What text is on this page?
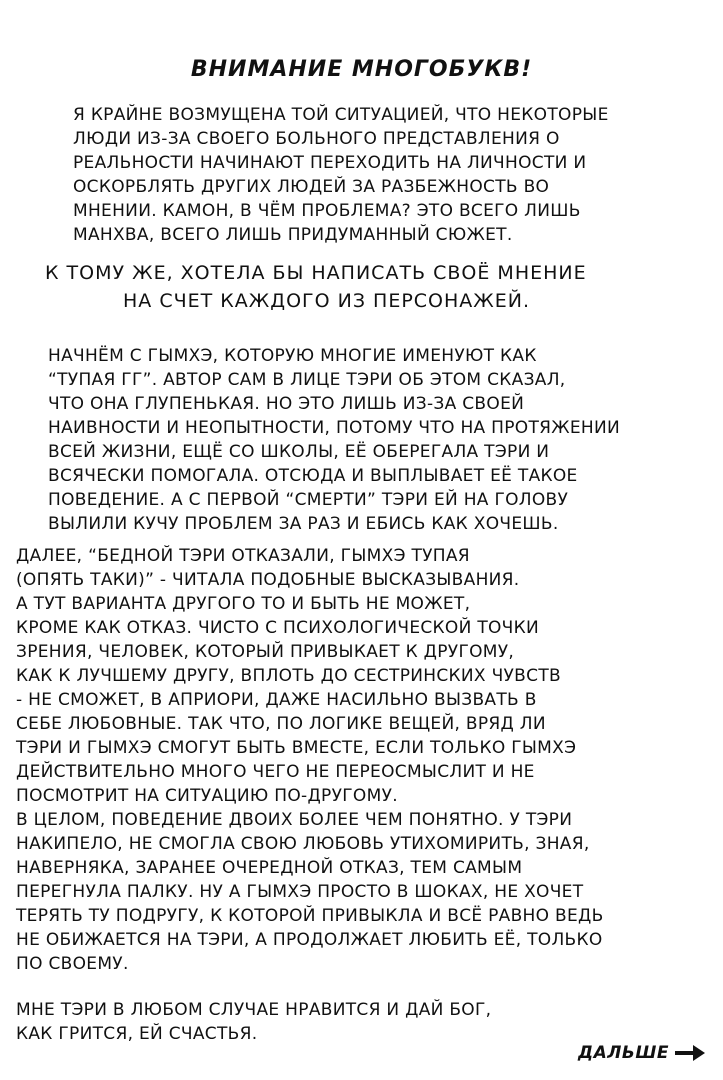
ВНИМАНИЕ МНОГОБУКВ!
Я КРАЙНЕ ВОЗМУЩЕНА ТОЙ СИТУАЦИЕЙ, ЧТО НЕКОТОРЫЕ
ЛЮДИ ИЗ-ЗА СВОЕГО БОЛЬНОГО ПРЕДСТАВЛЕНИЯ О
РЕАЛЬНОСТИ НАЧИНАЮТ ПЕРЕХОДИТЬ НА ЛИЧНОСТИ И
ОСКОРБЛЯТЬ ДРУГИХ ЛЮДЕЙ ЗА РАЗБЕЖНОСТЬ ВО
МНЕНИИ. КАМОН, В ЧЁМ ПРОБЛЕМА? ЭТО ВСЕГО ЛИШЬ
МАНХВА, ВСЕГО ЛИШЬ ПРИДУМАННЫЙ СЮЖЕТ.
К ТОМУ ЖЕ, ХОТЕЛА БЫ НАПИСАТЬ СВОЁ МНЕНИЕ
НА СЧЕТ КАЖДОГО ИЗ ПЕРСОНАЖЕЙ.
НАЧНЁМ С ГЫМХЭ, КОТОРУЮ МНОГИЕ ИМЕНУЮТ КАК
“ТУПАЯ ГГ”. АВТОР САМ В ЛИЦЕ ТЭРИ ОБ ЭТОМ СКАЗАЛ,
ЧТО ОНА ГЛУПЕНЬКАЯ. НО ЭТО ЛИШЬ ИЗ-ЗА СВОЕЙ
НАИВНОСТИ И НЕОПЫТНОСТИ, ПОТОМУ ЧТО НА ПРОТЯЖЕНИИ
ВСЕЙ ЖИЗНИ, ЕЩЁ СО ШКОЛЫ, ЕЁ ОБЕРЕГАЛА ТЭРИ И
ВСЯЧЕСКИ ПОМОГАЛА. ОТСЮДА И ВЫПЛЫВАЕТ ЕЁ ТАКОЕ
ПОВЕДЕНИЕ. А С ПЕРВОЙ “СМЕРТИ” ТЭРИ ЕЙ НА ГОЛОВУ
ВЫЛИЛИ КУЧУ ПРОБЛЕМ ЗА РАЗ И ЕБИСЬ КАК ХОЧЕШЬ.
ДАЛЕЕ, “БЕДНОЙ ТЭРИ ОТКАЗАЛИ, ГЫМХЭ ТУПАЯ
(ОПЯТЬ ТАКИ)” - ЧИТАЛА ПОДОБНЫЕ ВЫСКАЗЫВАНИЯ.
А ТУТ ВАРИАНТА ДРУГОГО ТО И БЫТЬ НЕ МОЖЕТ,
КРОМЕ КАК ОТКАЗ. ЧИСТО С ПСИХОЛОГИЧЕСКОЙ ТОЧКИ
ЗРЕНИЯ, ЧЕЛОВЕК, КОТОРЫЙ ПРИВЫКАЕТ К ДРУГОМУ,
КАК К ЛУЧШЕМУ ДРУГУ, ВПЛОТЬ ДО СЕСТРИНСКИХ ЧУВСТВ
- НЕ СМОЖЕТ, В АПРИОРИ, ДАЖЕ НАСИЛЬНО ВЫЗВАТЬ В
СЕБЕ ЛЮБОВНЫЕ. ТАК ЧТО, ПО ЛОГИКЕ ВЕЩЕЙ, ВРЯД ЛИ
ТЭРИ И ГЫМХЭ СМОГУТ БЫТЬ ВМЕСТЕ, ЕСЛИ ТОЛЬКО ГЫМХЭ
ДЕЙСТВИТЕЛЬНО МНОГО ЧЕГО НЕ ПЕРЕОСМЫСЛИТ И НЕ
ПОСМОТРИТ НА СИТУАЦИЮ ПО-ДРУГОМУ.
В ЦЕЛОМ, ПОВЕДЕНИЕ ДВОИХ БОЛЕЕ ЧЕМ ПОНЯТНО. У ТЭРИ
НАКИПЕЛО, НЕ СМОГЛА СВОЮ ЛЮБОВЬ УТИХОМИРИТЬ, ЗНАЯ,
НАВЕРНЯКА, ЗАРАНЕЕ ОЧЕРЕДНОЙ ОТКАЗ, ТЕМ САМЫМ
ПЕРЕГНУЛА ПАЛКУ. НУ А ГЫМХЭ ПРОСТО В ШОКАХ, НЕ ХОЧЕТ
ТЕРЯТЬ ТУ ПОДРУГУ, К КОТОРОЙ ПРИВЫКЛА И ВСЁ РАВНО ВЕДЬ
НЕ ОБИЖАЕТСЯ НА ТЭРИ, А ПРОДОЛЖАЕТ ЛЮБИТЬ ЕЁ, ТОЛЬКО
ПО СВОЕМУ.
МНЕ ТЭРИ В ЛЮБОМ СЛУЧАЕ НРАВИТСЯ И ДАЙ БОГ,
КАК ГРИТСЯ, ЕЙ СЧАСТЬЯ.
ДАЛЬШЕ
